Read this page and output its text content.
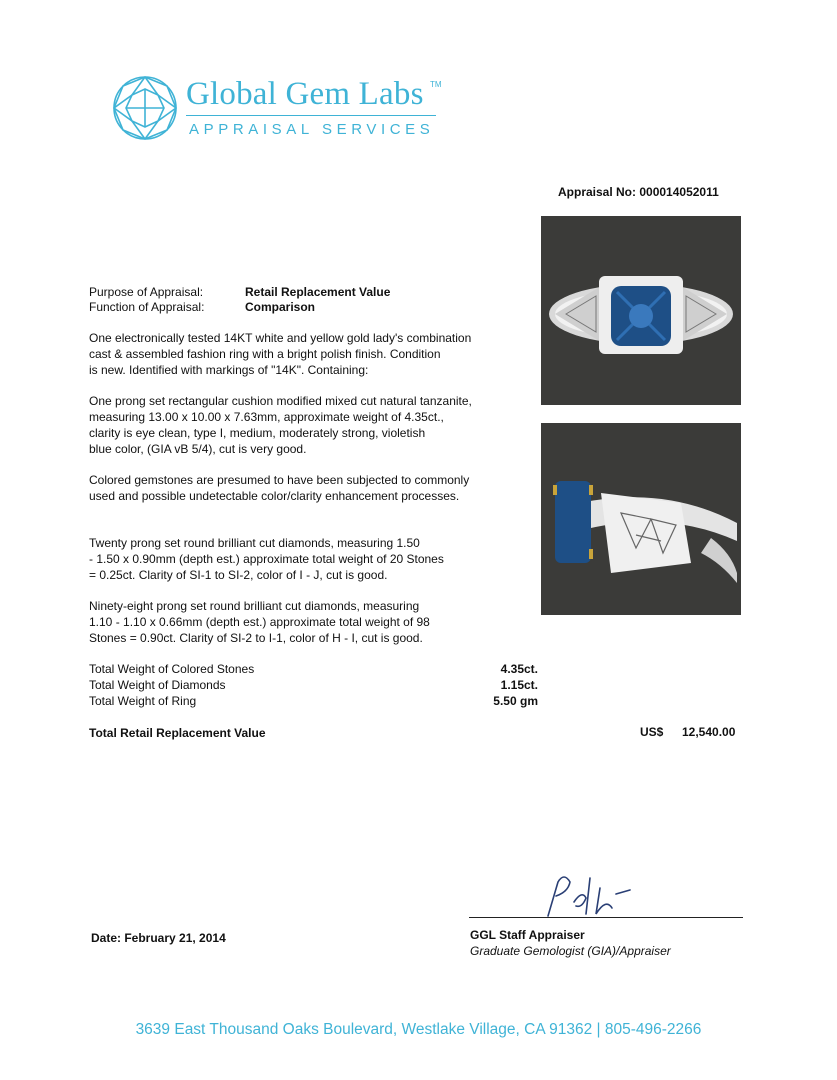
Global Gem Labs TM
APPRAISAL SERVICES
Appraisal No: 000014052011
Purpose of Appraisal:	Retail Replacement Value
Function of Appraisal:	Comparison
One electronically tested 14KT white and yellow gold lady's combination
cast & assembled fashion ring with a bright polish finish. Condition
is new. Identified with markings of "14K". Containing:
One prong set rectangular cushion modified mixed cut natural tanzanite,
measuring 13.00 x 10.00 x 7.63mm, approximate weight of 4.35ct.,
clarity is eye clean, type I, medium, moderately strong, violetish
blue color, (GIA vB 5/4), cut is very good.
Colored gemstones are presumed to have been subjected to commonly
used and possible undetectable color/clarity enhancement processes.
Twenty prong set round brilliant cut diamonds, measuring 1.50
- 1.50 x 0.90mm (depth est.) approximate total weight of 20 Stones
= 0.25ct. Clarity of SI-1 to SI-2, color of I - J, cut is good.
Ninety-eight prong set round brilliant cut diamonds, measuring
1.10 - 1.10 x 0.66mm (depth est.) approximate total weight of 98
Stones = 0.90ct. Clarity of SI-2 to I-1, color of H - I, cut is good.
Total Weight of Colored Stones	4.35ct.
Total Weight of Diamonds	1.15ct.
Total Weight of Ring	5.50 gm
Total Retail Replacement Value	US$ 12,540.00
Date: February 21, 2014	GGL Staff Appraiser
Graduate Gemologist (GIA)/Appraiser
3639 East Thousand Oaks Boulevard, Westlake Village, CA 91362 | 805-496-2266
